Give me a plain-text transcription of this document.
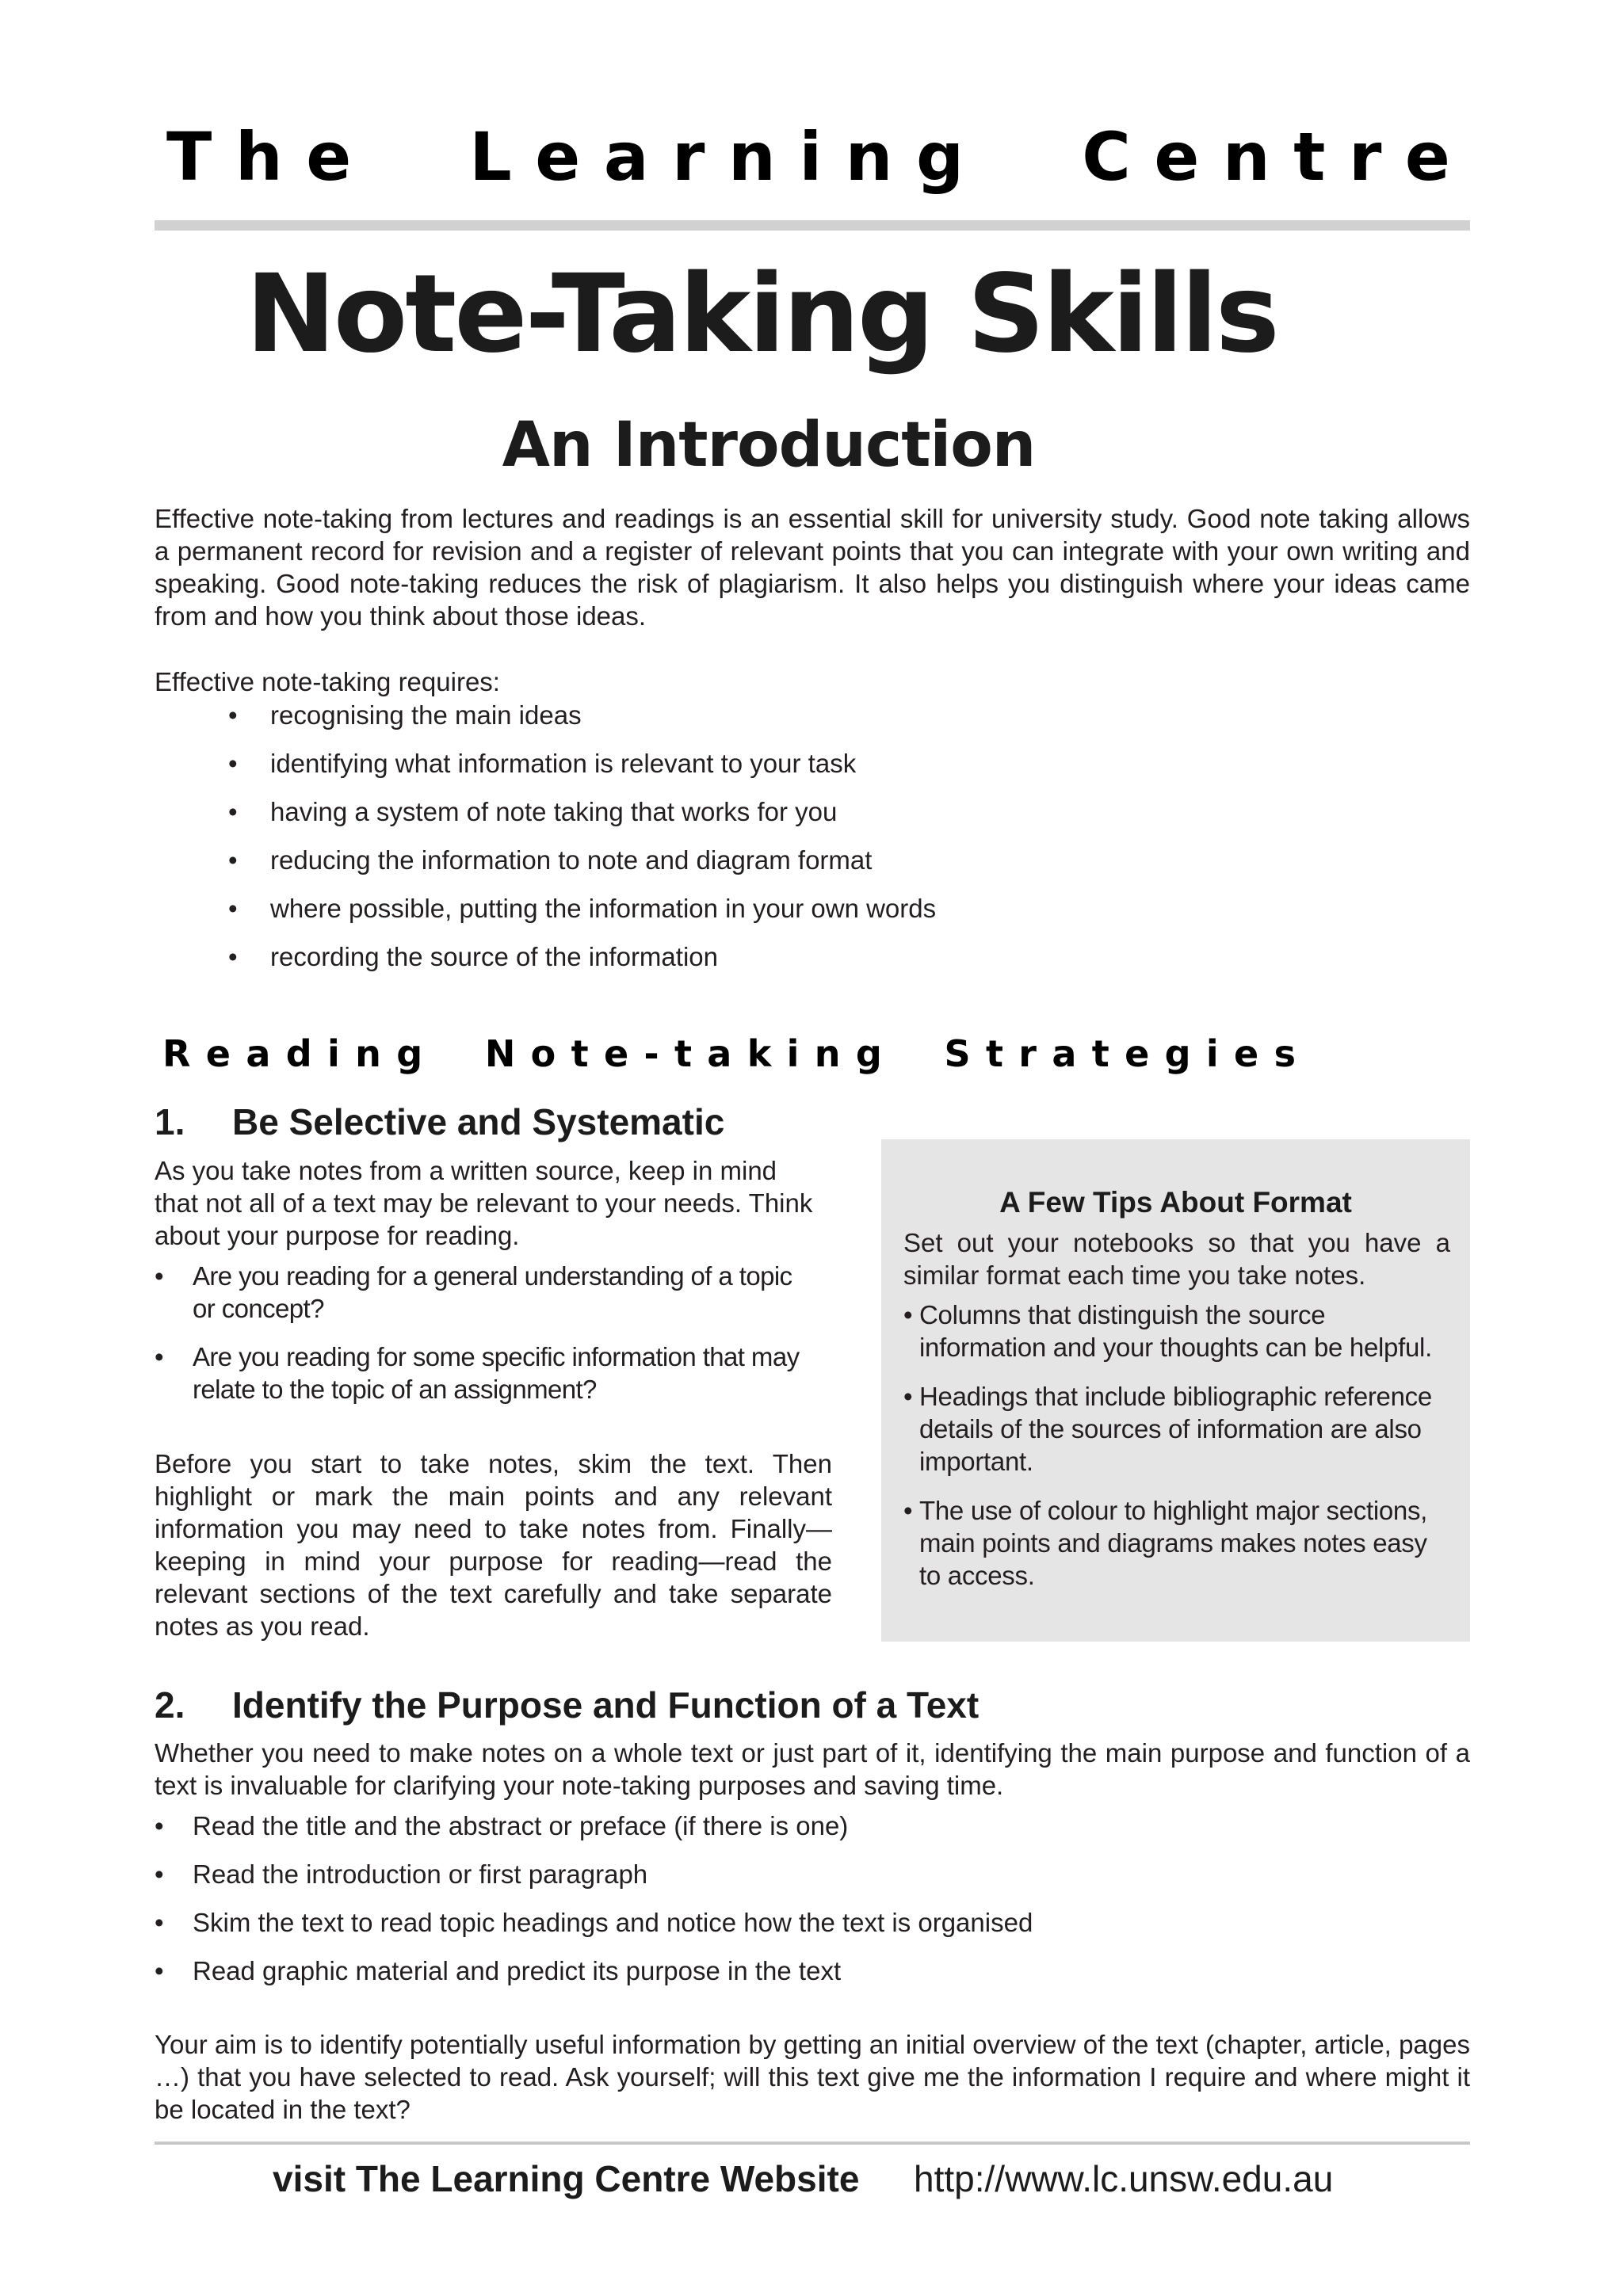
T h e L e a r n i n g C e n t r e
Note-Taking Skills
An Introduction
Effective note-taking from lectures and readings is an essential skill for university study. Good note taking allows a permanent record for revision and a register of relevant points that you can integrate with your own writing and speaking. Good note-taking reduces the risk of plagiarism. It also helps you distinguish where your ideas came from and how you think about those ideas.
Effective note-taking requires:
• recognising the main ideas
• identifying what information is relevant to your task
• having a system of note taking that works for you
• reducing the information to note and diagram format
• where possible, putting the information in your own words
• recording the source of the information
R e a d i n g N o t e - t a k i n g S t r a t e g i e s
1. Be Selective and Systematic
As you take notes from a written source, keep in mind
that not all of a text may be relevant to your needs. Think
about your purpose for reading.
• Are you reading for a general understanding of a topic
or concept?
• Are you reading for some specific information that may
relate to the topic of an assignment?
Before you start to take notes, skim the text. Then
highlight or mark the main points and any relevant
information you may need to take notes from. Finally—
keeping in mind your purpose for reading—read the
relevant sections of the text carefully and take separate
notes as you read.
A Few Tips About Format
Set out your notebooks so that you have a
similar format each time you take notes.
• Columns that distinguish the source
information and your thoughts can be helpful.
• Headings that include bibliographic reference
details of the sources of information are also
important.
• The use of colour to highlight major sections,
main points and diagrams makes notes easy
to access.
2. Identify the Purpose and Function of a Text
Whether you need to make notes on a whole text or just part of it, identifying the main purpose and function of a text is invaluable for clarifying your note-taking purposes and saving time.
• Read the title and the abstract or preface (if there is one)
• Read the introduction or first paragraph
• Skim the text to read topic headings and notice how the text is organised
• Read graphic material and predict its purpose in the text
Your aim is to identify potentially useful information by getting an initial overview of the text (chapter, article, pages …) that you have selected to read. Ask yourself; will this text give me the information I require and where might it be located in the text?
visit The Learning Centre Website http://www.lc.unsw.edu.au
